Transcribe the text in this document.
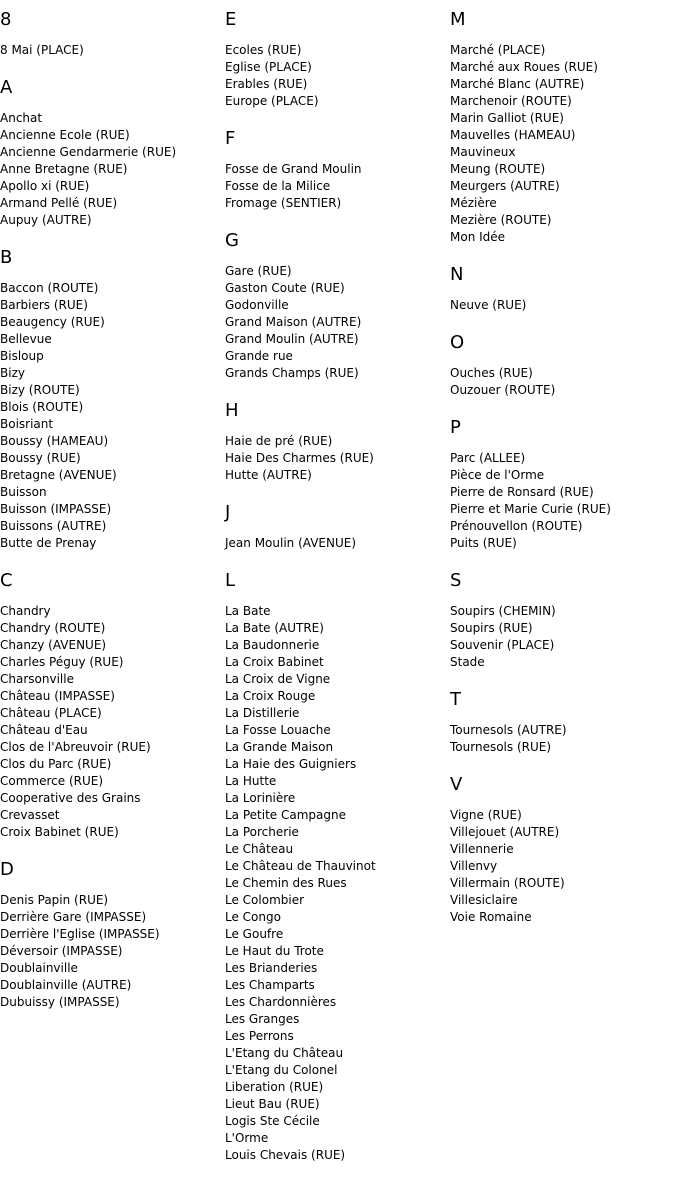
8
8 Mai (PLACE)
A
Anchat
Ancienne Ecole (RUE)
Ancienne Gendarmerie (RUE)
Anne Bretagne (RUE)
Apollo xi (RUE)
Armand Pellé (RUE)
Aupuy (AUTRE)
B
Baccon (ROUTE)
Barbiers (RUE)
Beaugency (RUE)
Bellevue
Bisloup
Bizy
Bizy (ROUTE)
Blois (ROUTE)
Boisriant
Boussy (HAMEAU)
Boussy (RUE)
Bretagne (AVENUE)
Buisson
Buisson (IMPASSE)
Buissons (AUTRE)
Butte de Prenay
C
Chandry
Chandry (ROUTE)
Chanzy (AVENUE)
Charles Péguy (RUE)
Charsonville
Château (IMPASSE)
Château (PLACE)
Château d'Eau
Clos de l'Abreuvoir (RUE)
Clos du Parc (RUE)
Commerce (RUE)
Cooperative des Grains
Crevasset
Croix Babinet (RUE)
D
Denis Papin (RUE)
Derrière Gare (IMPASSE)
Derrière l'Eglise (IMPASSE)
Déversoir (IMPASSE)
Doublainville
Doublainville (AUTRE)
Dubuissy (IMPASSE)
E
Ecoles (RUE)
Eglise (PLACE)
Erables (RUE)
Europe (PLACE)
F
Fosse de Grand Moulin
Fosse de la Milice
Fromage (SENTIER)
G
Gare (RUE)
Gaston Coute (RUE)
Godonville
Grand Maison (AUTRE)
Grand Moulin (AUTRE)
Grande rue
Grands Champs (RUE)
H
Haie de pré (RUE)
Haie Des Charmes (RUE)
Hutte (AUTRE)
J
Jean Moulin (AVENUE)
L
La Bate
La Bate (AUTRE)
La Baudonnerie
La Croix Babinet
La Croix de Vigne
La Croix Rouge
La Distillerie
La Fosse Louache
La Grande Maison
La Haie des Guigniers
La Hutte
La Lorinière
La Petite Campagne
La Porcherie
Le Château
Le Château de Thauvinot
Le Chemin des Rues
Le Colombier
Le Congo
Le Goufre
Le Haut du Trote
Les Brianderies
Les Champarts
Les Chardonnières
Les Granges
Les Perrons
L'Etang du Château
L'Etang du Colonel
Liberation (RUE)
Lieut Bau (RUE)
Logis Ste Cécile
L'Orme
Louis Chevais (RUE)
M
Marché (PLACE)
Marché aux Roues (RUE)
Marché Blanc (AUTRE)
Marchenoir (ROUTE)
Marin Galliot (RUE)
Mauvelles (HAMEAU)
Mauvineux
Meung (ROUTE)
Meurgers (AUTRE)
Mézière
Mezière (ROUTE)
Mon Idée
N
Neuve (RUE)
O
Ouches (RUE)
Ouzouer (ROUTE)
P
Parc (ALLEE)
Pièce de l'Orme
Pierre de Ronsard (RUE)
Pierre et Marie Curie (RUE)
Prénouvellon (ROUTE)
Puits (RUE)
S
Soupirs (CHEMIN)
Soupirs (RUE)
Souvenir (PLACE)
Stade
T
Tournesols (AUTRE)
Tournesols (RUE)
V
Vigne (RUE)
Villejouet (AUTRE)
Villennerie
Villenvy
Villermain (ROUTE)
Villesiclaire
Voie Romaine
